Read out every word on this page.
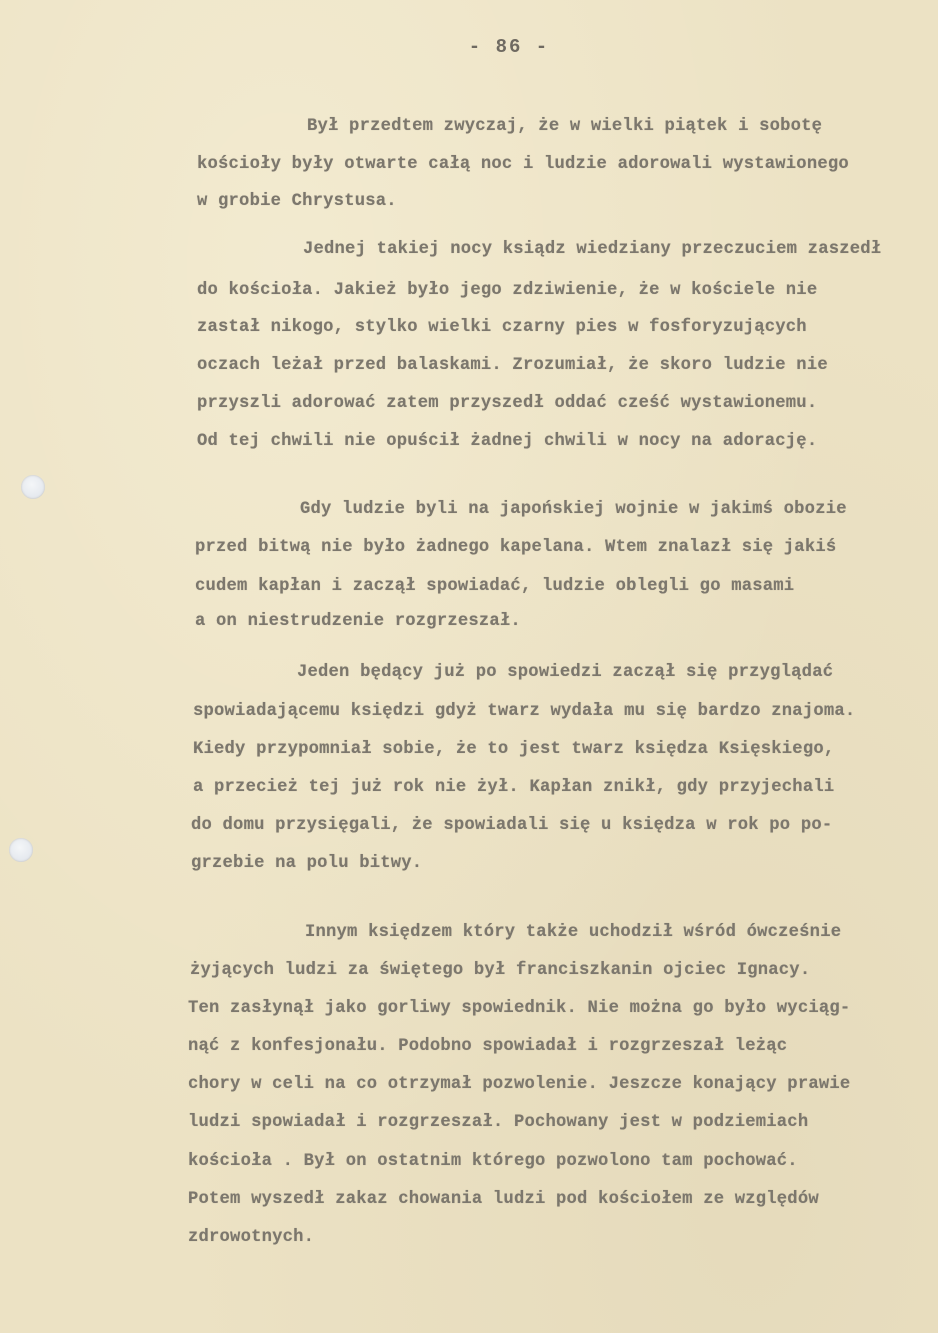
- 86 -
Był przedtem zwyczaj, że w wielki piątek i sobotę
kościoły były otwarte całą noc i ludzie adorowali wystawionego
w grobie Chrystusa.
Jednej takiej nocy ksiądz wiedziany przeczuciem zaszedł
do kościoła. Jakież było jego zdziwienie, że w kościele nie
zastał nikogo, stylko wielki czarny pies w fosforyzujących
oczach leżał przed balaskami. Zrozumiał, że skoro ludzie nie
przyszli adorować zatem przyszedł oddać cześć wystawionemu.
Od tej chwili nie opuścił żadnej chwili w nocy na adorację.
Gdy ludzie byli na japońskiej wojnie w jakimś obozie
przed bitwą nie było żadnego kapelana. Wtem znalazł się jakiś
cudem kapłan i zaczął spowiadać, ludzie oblegli go masami
a on niestrudzenie rozgrzeszał.
Jeden będący już po spowiedzi zaczął się przyglądać
spowiadającemu księdzi gdyż twarz wydała mu się bardzo znajoma.
Kiedy przypomniał sobie, że to jest twarz księdza Księskiego,
a przecież tej już rok nie żył. Kapłan znikł, gdy przyjechali
do domu przysięgali, że spowiadali się u księdza w rok po po-
grzebie na polu bitwy.
Innym księdzem który także uchodził wśród ówcześnie
żyjących ludzi za świętego był franciszkanin ojciec Ignacy.
Ten zasłynął jako gorliwy spowiednik. Nie można go było wyciąg-
nąć z konfesjonału. Podobno spowiadał i rozgrzeszał leżąc
chory w celi na co otrzymał pozwolenie. Jeszcze konający prawie
ludzi spowiadał i rozgrzeszał. Pochowany jest w podziemiach
kościoła . Był on ostatnim którego pozwolono tam pochować.
Potem wyszedł zakaz chowania ludzi pod kościołem ze względów
zdrowotnych.
